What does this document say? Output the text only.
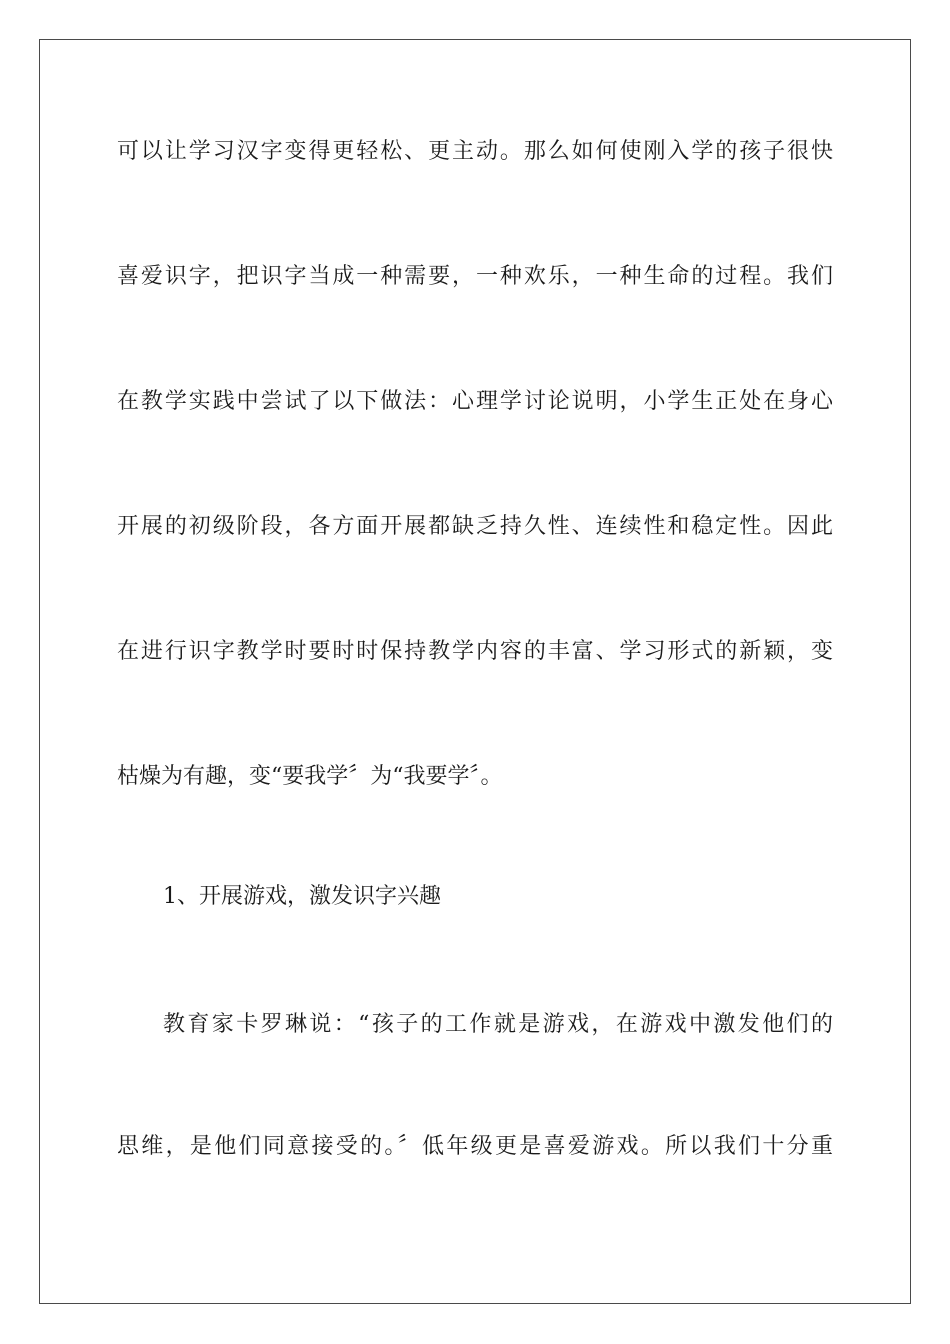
可以让学习汉字变得更轻松、更主动。那么如何使刚入学的孩子很快
喜爱识字，把识字当成一种需要，一种欢乐，一种生命的过程。我们
在教学实践中尝试了以下做法：心理学讨论说明，小学生正处在身心
开展的初级阶段，各方面开展都缺乏持久性、连续性和稳定性。因此
在进行识字教学时要时时保持教学内容的丰富、学习形式的新颖，变
枯燥为有趣，变“要我学〞为“我要学〞。
1、开展游戏，激发识字兴趣
教育家卡罗琳说：“孩子的工作就是游戏，在游戏中激发他们的
思维，是他们同意接受的。〞低年级更是喜爱游戏。所以我们十分重
